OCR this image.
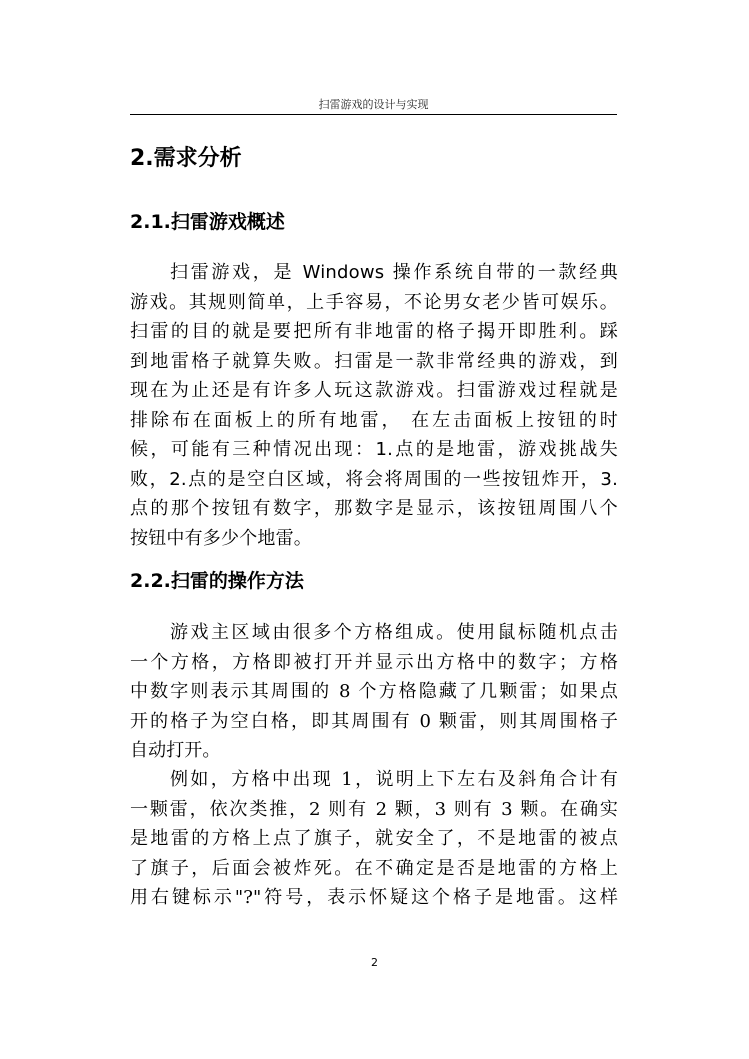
扫雷游戏的设计与实现
2.需求分析
2.1.扫雷游戏概述
扫雷游戏，是 Windows 操作系统自带的一款经典
游戏。其规则简单，上手容易，不论男女老少皆可娱乐。
扫雷的目的就是要把所有非地雷的格子揭开即胜利。踩
到地雷格子就算失败。扫雷是一款非常经典的游戏，到
现在为止还是有许多人玩这款游戏。扫雷游戏过程就是
排除布在面板上的所有地雷， 在左击面板上按钮的时
候，可能有三种情况出现：1.点的是地雷，游戏挑战失
败，2.点的是空白区域，将会将周围的一些按钮炸开，3.
点的那个按钮有数字，那数字是显示，该按钮周围八个
按钮中有多少个地雷。
2.2.扫雷的操作方法
游戏主区域由很多个方格组成。使用鼠标随机点击
一个方格，方格即被打开并显示出方格中的数字；方格
中数字则表示其周围的 8 个方格隐藏了几颗雷；如果点
开的格子为空白格，即其周围有 0 颗雷，则其周围格子
自动打开。
例如，方格中出现 1，说明上下左右及斜角合计有
一颗雷，依次类推，2 则有 2 颗，3 则有 3 颗。在确实
是地雷的方格上点了旗子，就安全了，不是地雷的被点
了旗子，后面会被炸死。在不确定是否是地雷的方格上
用右键标示"?"符号，表示怀疑这个格子是地雷。这样
2
